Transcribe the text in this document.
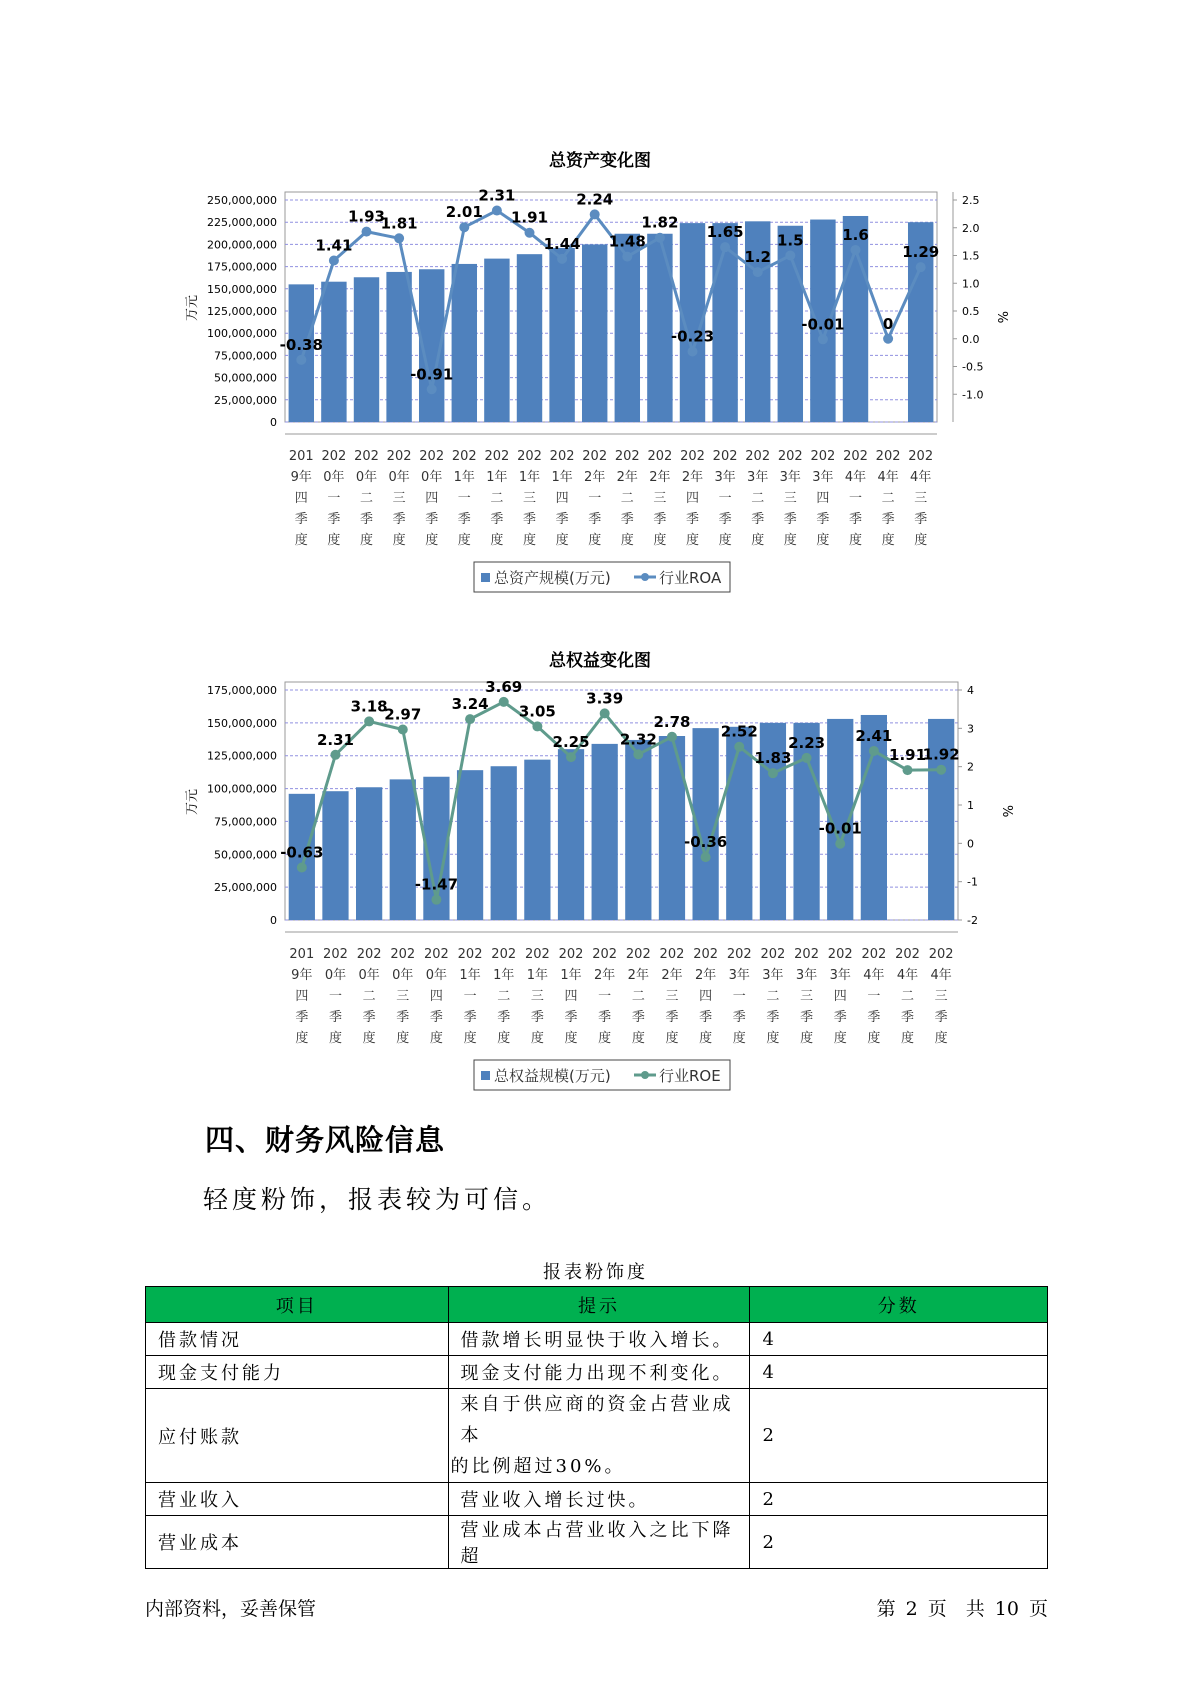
总资产变化图
250,000,000
225,000,000
200,000,000
175,000,000
150,000,000
125,000,000
100,000,000
75,000,000
50,000,000
25,000,000
0
万元
2.5
2.0
1.5
1.0
0.5
0.0
-0.5
-1.0
%
-0.38
1.41
1.93
1.81
-0.91
2.01
2.31
1.91
1.44
2.24
1.48
1.82
-0.23
1.65
1.2
1.5
-0.01
1.6
0
1.29
201
9年
四
季
度
202
0年
一
季
度
202
0年
二
季
度
202
0年
三
季
度
202
0年
四
季
度
202
1年
一
季
度
202
1年
二
季
度
202
1年
三
季
度
202
1年
四
季
度
202
2年
一
季
度
202
2年
二
季
度
202
2年
三
季
度
202
2年
四
季
度
202
3年
一
季
度
202
3年
二
季
度
202
3年
三
季
度
202
3年
四
季
度
202
4年
一
季
度
202
4年
二
季
度
202
4年
三
季
度
总资产规模(万元)	行业ROA
总权益变化图
175,000,000
150,000,000
125,000,000
100,000,000
75,000,000
50,000,000
25,000,000
0
万元
4
3
2
1
0
-1
-2
%
-0.63
2.31
3.18
2.97
-1.47
3.24
3.69
3.05
2.25
3.39
2.32
2.78
-0.36
2.52
1.83
2.23
-0.01
2.41
1.91
1.92
201
9年
四
季
度
202
0年
一
季
度
202
0年
二
季
度
202
0年
三
季
度
202
0年
四
季
度
202
1年
一
季
度
202
1年
二
季
度
202
1年
三
季
度
202
1年
四
季
度
202
2年
一
季
度
202
2年
二
季
度
202
2年
三
季
度
202
2年
四
季
度
202
3年
一
季
度
202
3年
二
季
度
202
3年
三
季
度
202
3年
四
季
度
202
4年
一
季
度
202
4年
二
季
度
202
4年
三
季
度
总权益规模(万元)	行业ROE
四、财务风险信息
轻度粉饰，报表较为可信。
报表粉饰度
项目	提示	分数
借款情况	借款增长明显快于收入增长。	4
现金支付能力	现金支付能力出现不利变化。	4
应付账款	来自于供应商的资金占营业成本
的比例超过30%。	2
营业收入	营业收入增长过快。	2
营业成本	营业成本占营业收入之比下降超	2
内部资料，妥善保管	第 2 页　共 10 页
